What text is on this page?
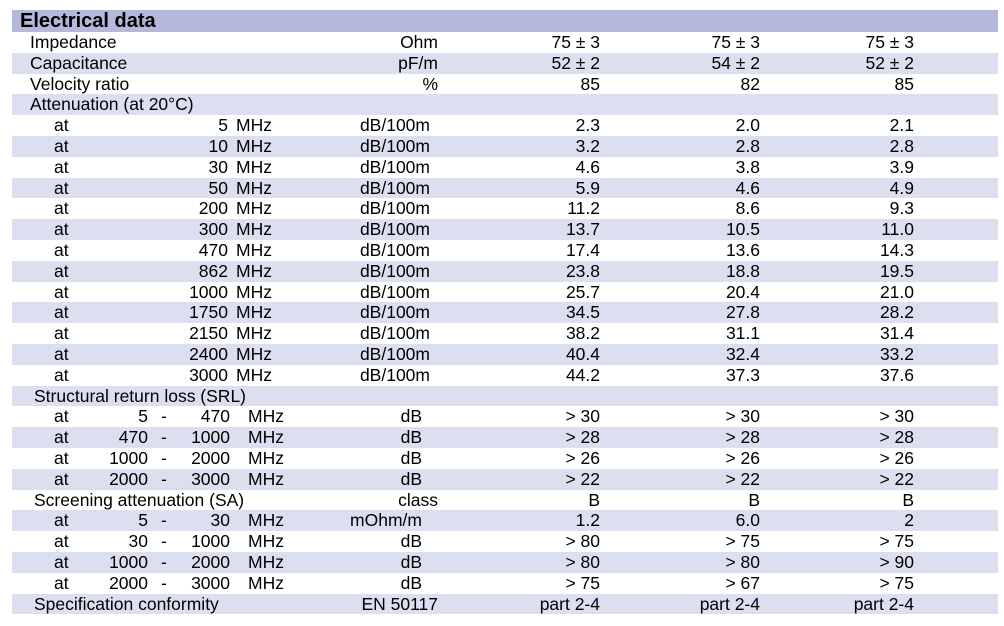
Electrical data
Impedance	Ohm	75 ± 3	75 ± 3	75 ± 3
Capacitance	pF/m	52 ± 2	54 ± 2	52 ± 2
Velocity ratio	%	85	82	85
Attenuation (at 20°C)
at	5 MHz	dB/100m	2.3	2.0	2.1
at	10 MHz	dB/100m	3.2	2.8	2.8
at	30 MHz	dB/100m	4.6	3.8	3.9
at	50 MHz	dB/100m	5.9	4.6	4.9
at	200 MHz	dB/100m	11.2	8.6	9.3
at	300 MHz	dB/100m	13.7	10.5	11.0
at	470 MHz	dB/100m	17.4	13.6	14.3
at	862 MHz	dB/100m	23.8	18.8	19.5
at	1000 MHz	dB/100m	25.7	20.4	21.0
at	1750 MHz	dB/100m	34.5	27.8	28.2
at	2150 MHz	dB/100m	38.2	31.1	31.4
at	2400 MHz	dB/100m	40.4	32.4	33.2
at	3000 MHz	dB/100m	44.2	37.3	37.6
Structural return loss (SRL)
at	5 - 470 MHz	dB	> 30	> 30	> 30
at	470 - 1000 MHz	dB	> 28	> 28	> 28
at 1000 - 2000 MHz	dB	> 26	> 26	> 26
at 2000 - 3000 MHz	dB	> 22	> 22	> 22
Screening attenuation (SA)	class	B	B	B
at	5 - 30 MHz	mOhm/m	1.2	6.0	2
at	30 - 1000 MHz	dB	> 80	> 75	> 75
at 1000 - 2000 MHz	dB	> 80	> 80	> 90
at 2000 - 3000 MHz	dB	> 75	> 67	> 75
Specification conformity	EN 50117	part 2-4	part 2-4	part 2-4
